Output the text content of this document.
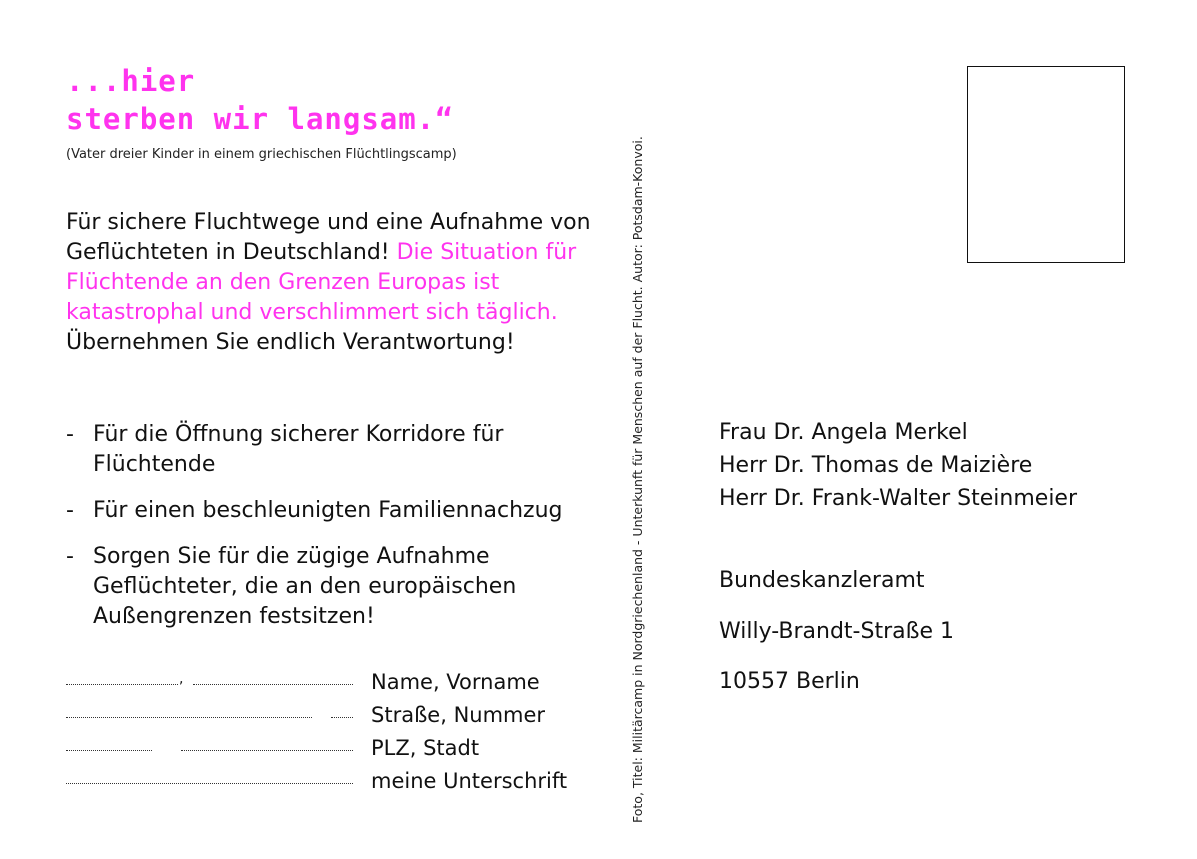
...hier
sterben wir langsam.“
(Vater dreier Kinder in einem griechischen Flüchtlingscamp)

Für sichere Fluchtwege und eine Aufnahme von Geflüchteten in Deutschland! Die Situation für Flüchtende an den Grenzen Europas ist katastrophal und verschlimmert sich täglich. Übernehmen Sie endlich Verantwortung!

- Für die Öffnung sicherer Korridore für Flüchtende
- Für einen beschleunigten Familiennachzug
- Sorgen Sie für die zügige Aufnahme Geflüchteter, die an den europäischen Außengrenzen festsitzen!
,	Name, Vorname
Straße, Nummer
PLZ, Stadt
meine Unterschrift	Foto, Titel: Militärcamp in Nordgriechenland - Unterkunft für Menschen auf der Flucht. Autor: Potsdam-Konvoi.	Frau Dr. Angela Merkel
Herr Dr. Thomas de Maizière
Herr Dr. Frank-Walter Steinmeier
Bundeskanzleramt
Willy-Brandt-Straße 1
10557 Berlin
